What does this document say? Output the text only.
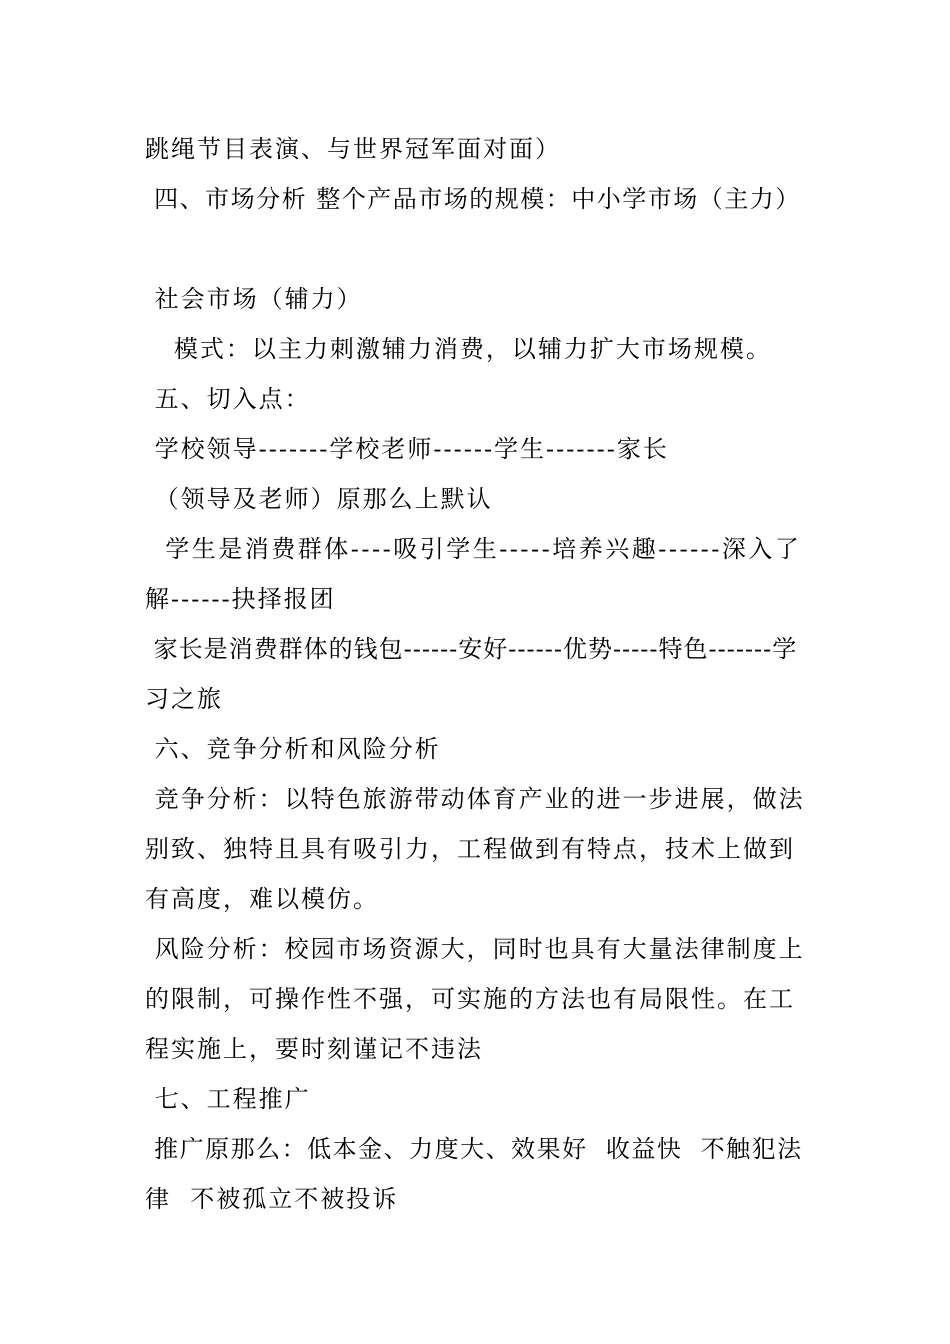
跳绳节目表演、与世界冠军面对面）
四、市场分析 整个产品市场的规模：中小学市场（主力）
社会市场（辅力）
模式：以主力刺激辅力消费，以辅力扩大市场规模。
五、切入点：
学校领导-------学校老师------学生-------家长
（领导及老师）原那么上默认
学生是消费群体----吸引学生-----培养兴趣------深入了
解------抉择报团
家长是消费群体的钱包------安好------优势-----特色-------学
习之旅
六、竞争分析和风险分析
竞争分析：以特色旅游带动体育产业的进一步进展，做法
别致、独特且具有吸引力，工程做到有特点，技术上做到
有高度，难以模仿。
风险分析：校园市场资源大，同时也具有大量法律制度上
的限制，可操作性不强，可实施的方法也有局限性。在工
程实施上，要时刻谨记不违法
七、工程推广
推广原那么：低本金、力度大、效果好  收益快  不触犯法
律  不被孤立不被投诉
